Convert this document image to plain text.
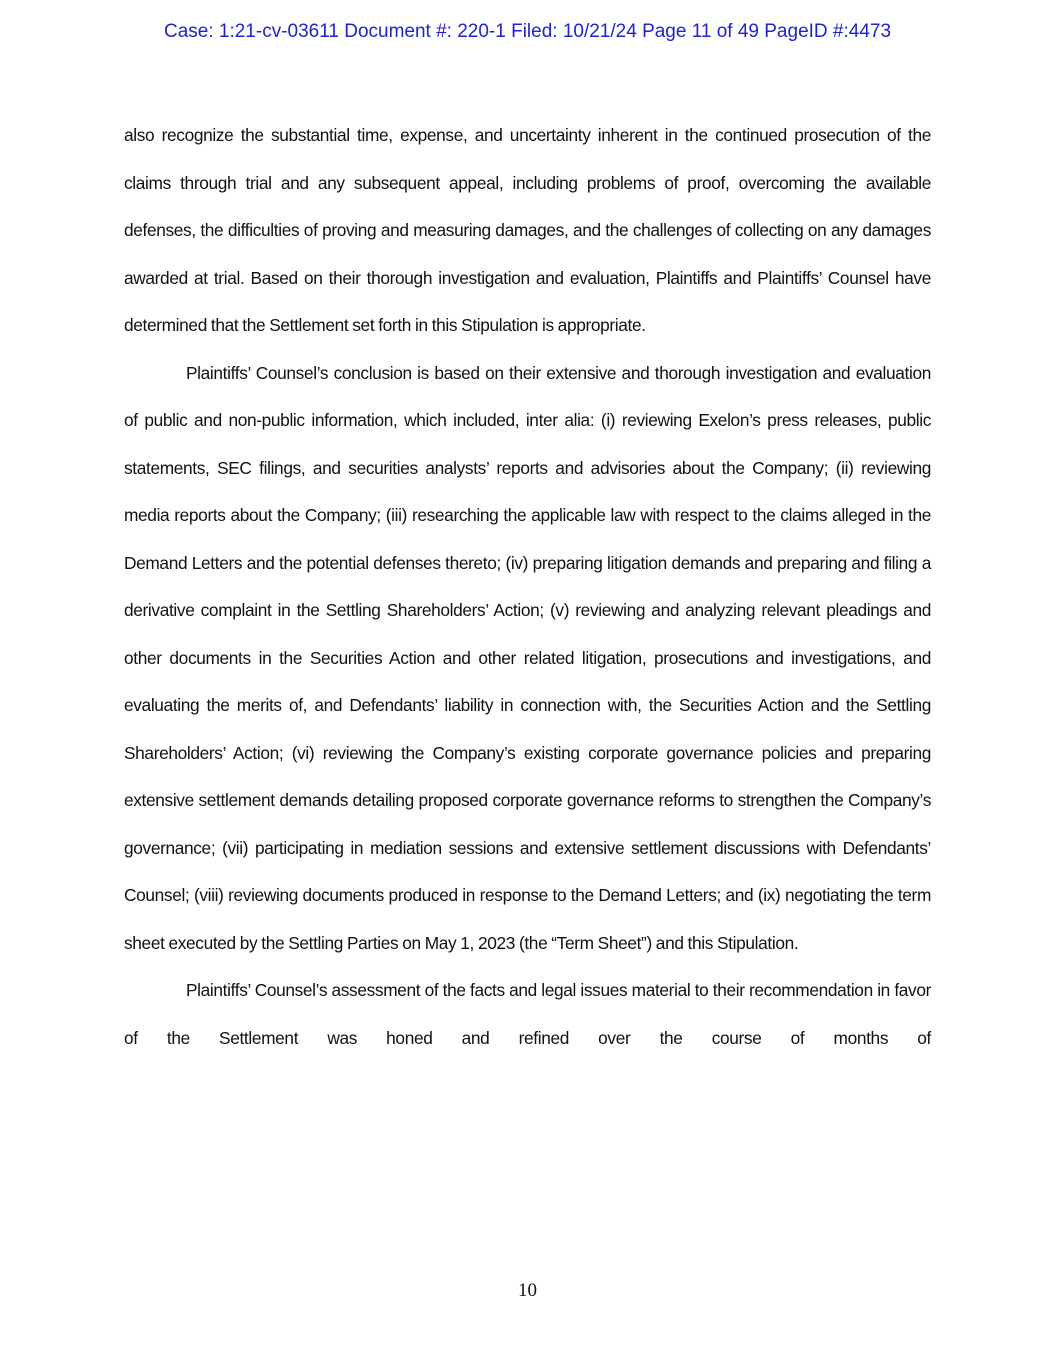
Case: 1:21-cv-03611 Document #: 220-1 Filed: 10/21/24 Page 11 of 49 PageID #:4473

also recognize the substantial time, expense, and uncertainty inherent in the continued prosecution of the claims through trial and any subsequent appeal, including problems of proof, overcoming the available defenses, the difficulties of proving and measuring damages, and the challenges of collecting on any damages awarded at trial. Based on their thorough investigation and evaluation, Plaintiffs and Plaintiffs’ Counsel have determined that the Settlement set forth in this Stipulation is appropriate.

Plaintiffs’ Counsel’s conclusion is based on their extensive and thorough investigation and evaluation of public and non-public information, which included, inter alia: (i) reviewing Exelon’s press releases, public statements, SEC filings, and securities analysts’ reports and advisories about the Company; (ii) reviewing media reports about the Company; (iii) researching the applicable law with respect to the claims alleged in the Demand Letters and the potential defenses thereto; (iv) preparing litigation demands and preparing and filing a derivative complaint in the Settling Shareholders’ Action; (v) reviewing and analyzing relevant pleadings and other documents in the Securities Action and other related litigation, prosecutions and investigations, and evaluating the merits of, and Defendants’ liability in connection with, the Securities Action and the Settling Shareholders’ Action; (vi) reviewing the Company’s existing corporate governance policies and preparing extensive settlement demands detailing proposed corporate governance reforms to strengthen the Company’s governance; (vii) participating in mediation sessions and extensive settlement discussions with Defendants’ Counsel; (viii) reviewing documents produced in response to the Demand Letters; and (ix) negotiating the term sheet executed by the Settling Parties on May 1, 2023 (the “Term Sheet”) and this Stipulation.

Plaintiffs’ Counsel’s assessment of the facts and legal issues material to their recommendation in favor of the Settlement was honed and refined over the course of months of

10
